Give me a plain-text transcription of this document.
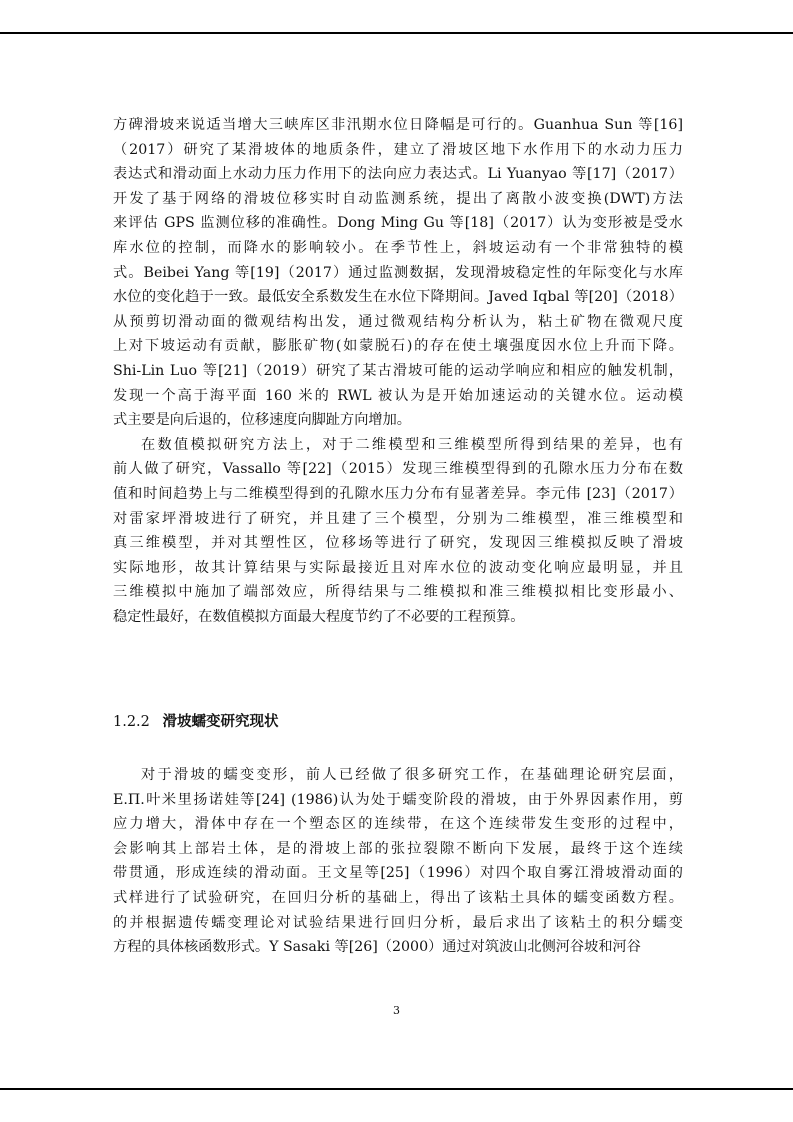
方碑滑坡来说适当增大三峡库区非汛期水位日降幅是可行的。Guanhua Sun 等[16]
（2017）研究了某滑坡体的地质条件，建立了滑坡区地下水作用下的水动力压力
表达式和滑动面上水动力压力作用下的法向应力表达式。Li Yuanyao 等[17]（2017）
开发了基于网络的滑坡位移实时自动监测系统，提出了离散小波变换(DWT)方法
来评估 GPS 监测位移的准确性。Dong Ming Gu 等[18]（2017）认为变形被是受水
库水位的控制，而降水的影响较小。在季节性上，斜坡运动有一个非常独特的模
式。Beibei Yang 等[19]（2017）通过监测数据，发现滑坡稳定性的年际变化与水库
水位的变化趋于一致。最低安全系数发生在水位下降期间。Javed Iqbal 等[20]（2018）
从预剪切滑动面的微观结构出发，通过微观结构分析认为，粘土矿物在微观尺度
上对下坡运动有贡献，膨胀矿物(如蒙脱石)的存在使土壤强度因水位上升而下降。
Shi-Lin Luo 等[21]（2019）研究了某古滑坡可能的运动学响应和相应的触发机制，
发现一个高于海平面 160 米的 RWL 被认为是开始加速运动的关键水位。运动模
式主要是向后退的，位移速度向脚趾方向增加。
在数值模拟研究方法上，对于二维模型和三维模型所得到结果的差异，也有
前人做了研究，Vassallo 等[22]（2015）发现三维模型得到的孔隙水压力分布在数
值和时间趋势上与二维模型得到的孔隙水压力分布有显著差异。李元伟 [23]（2017）
对雷家坪滑坡进行了研究，并且建了三个模型，分别为二维模型，准三维模型和
真三维模型，并对其塑性区，位移场等进行了研究，发现因三维模拟反映了滑坡
实际地形，故其计算结果与实际最接近且对库水位的波动变化响应最明显，并且
三维模拟中施加了端部效应，所得结果与二维模拟和准三维模拟相比变形最小、
稳定性最好，在数值模拟方面最大程度节约了不必要的工程预算。
1.2.2 滑坡蠕变研究现状
对于滑坡的蠕变变形，前人已经做了很多研究工作，在基础理论研究层面，
E.П.叶米里扬诺娃等[24] (1986)认为处于蠕变阶段的滑坡，由于外界因素作用，剪
应力增大，滑体中存在一个塑态区的连续带，在这个连续带发生变形的过程中，
会影响其上部岩土体，是的滑坡上部的张拉裂隙不断向下发展，最终于这个连续
带贯通，形成连续的滑动面。王文星等[25]（1996）对四个取自雾江滑坡滑动面的
式样进行了试验研究，在回归分析的基础上，得出了该粘土具体的蠕变函数方程。
的并根据遗传蠕变理论对试验结果进行回归分析，最后求出了该粘土的积分蠕变
方程的具体核函数形式。Y Sasaki 等[26]（2000）通过对筑波山北侧河谷坡和河谷
3
